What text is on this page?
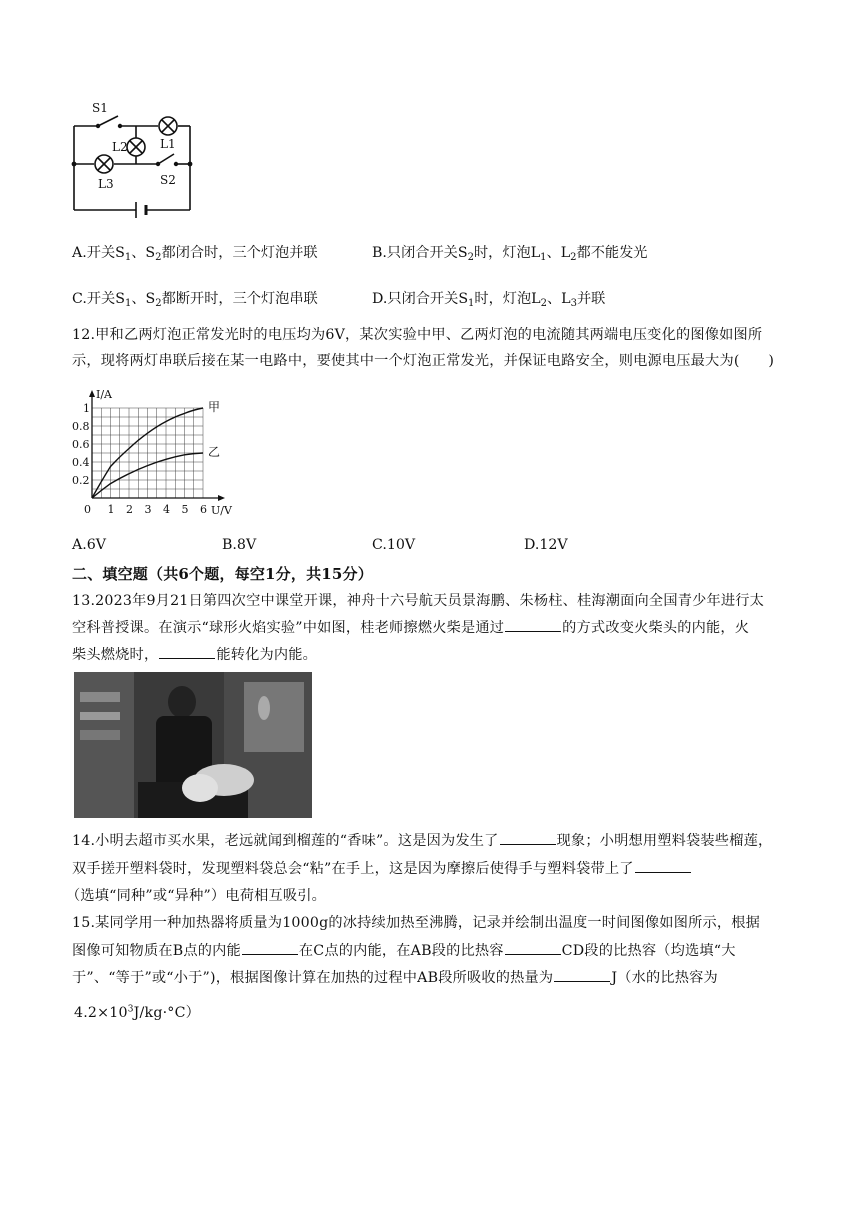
S1
L1
L2
L3	S2
A.开关$S_1$、$S_2$都闭合时，三个灯泡并联	B.只闭合开关$S_2$时，灯泡$L_1$、$L_2$都不能发光
C.开关$S_1$、$S_2$都断开时，三个灯泡串联	D.只闭合开关$S_1$时，灯泡$L_2$、$L_3$并联
12.甲和乙两灯泡正常发光时的电压均为6V，某次实验中甲、乙两灯泡的电流随其两端电压变化的图像如图所
示，现将两灯串联后接在某一电路中，要使其中一个灯泡正常发光，并保证电路安全，则电源电压最大为(　　)
甲
乙
0 1 2 3 4 5 6
0.2
0.4
0.6
0.8
1
U/V
I/A
A.6V	B.8V	C.10V	D.12V
二、填空题（共6个题，每空1分，共15分）
13.2023年9月21日第四次空中课堂开课，神舟十六号航天员景海鹏、朱杨柱、桂海潮面向全国青少年进行太
空科普授课。在演示“球形火焰实验”中如图，桂老师擦燃火柴是通过	的方式改变火柴头的内能，火
柴头燃烧时，	能转化为内能。
14.小明去超市买水果，老远就闻到榴莲的“香味”。这是因为发生了	现象；小明想用塑料袋装些榴莲，
双手搓开塑料袋时，发现塑料袋总会“粘”在手上，这是因为摩擦后使得手与塑料袋带上了
（选填“同种”或“异种”）电荷相互吸引。
15.某同学用一种加热器将质量为1000g的冰持续加热至沸腾，记录并绘制出温度一时间图像如图所示，根据
图像可知物质在B点的内能	在C点的内能，在AB段的比热容	CD段的比热容（均选填“大
于”、“等于”或“小于”)，根据图像计算在加热的过程中AB段所吸收的热量为	J（水的比热容为
$4.2\times 10^3J/kg\cdot^\circ C$）
